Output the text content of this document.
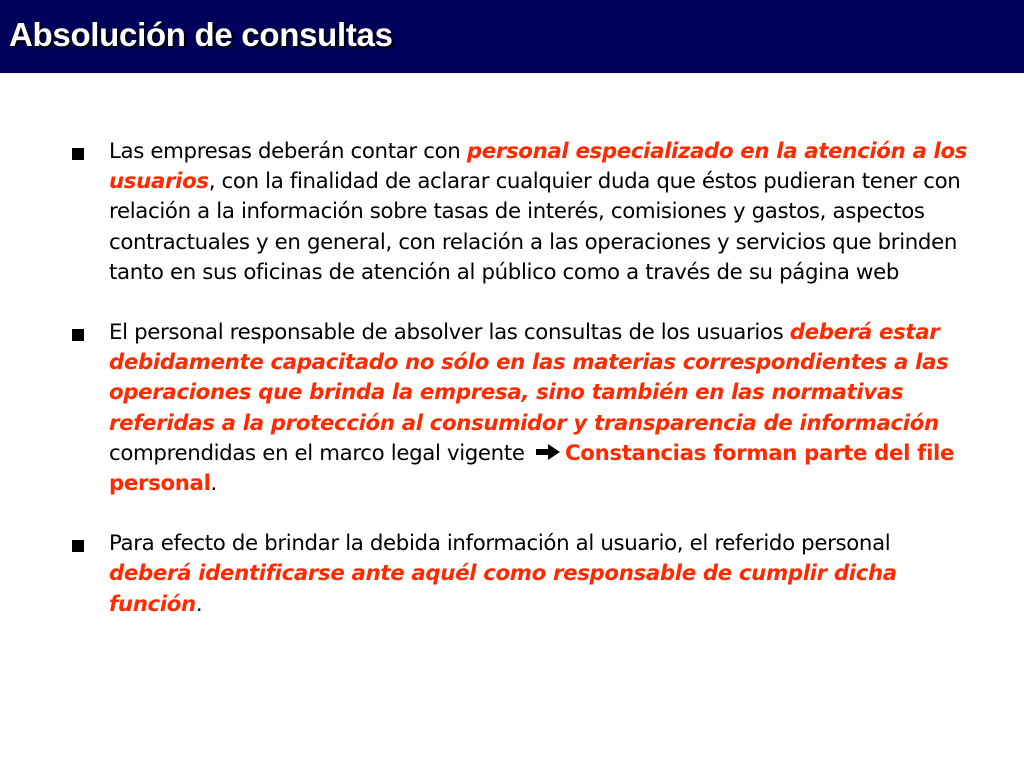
Absolución de consultas
Las empresas deberán contar con personal especializado en la atención a los usuarios, con la finalidad de aclarar cualquier duda que éstos pudieran tener con relación a la información sobre tasas de interés, comisiones y gastos, aspectos contractuales y en general, con relación a las operaciones y servicios que brinden tanto en sus oficinas de atención al público como a través de su página web
El personal responsable de absolver las consultas de los usuarios deberá estar debidamente capacitado no sólo en las materias correspondientes a las operaciones que brinda la empresa, sino también en las normativas referidas a la protección al consumidor y transparencia de información comprendidas en el marco legal vigente Constancias forman parte del file personal.
Para efecto de brindar la debida información al usuario, el referido personal deberá identificarse ante aquél como responsable de cumplir dicha función.
